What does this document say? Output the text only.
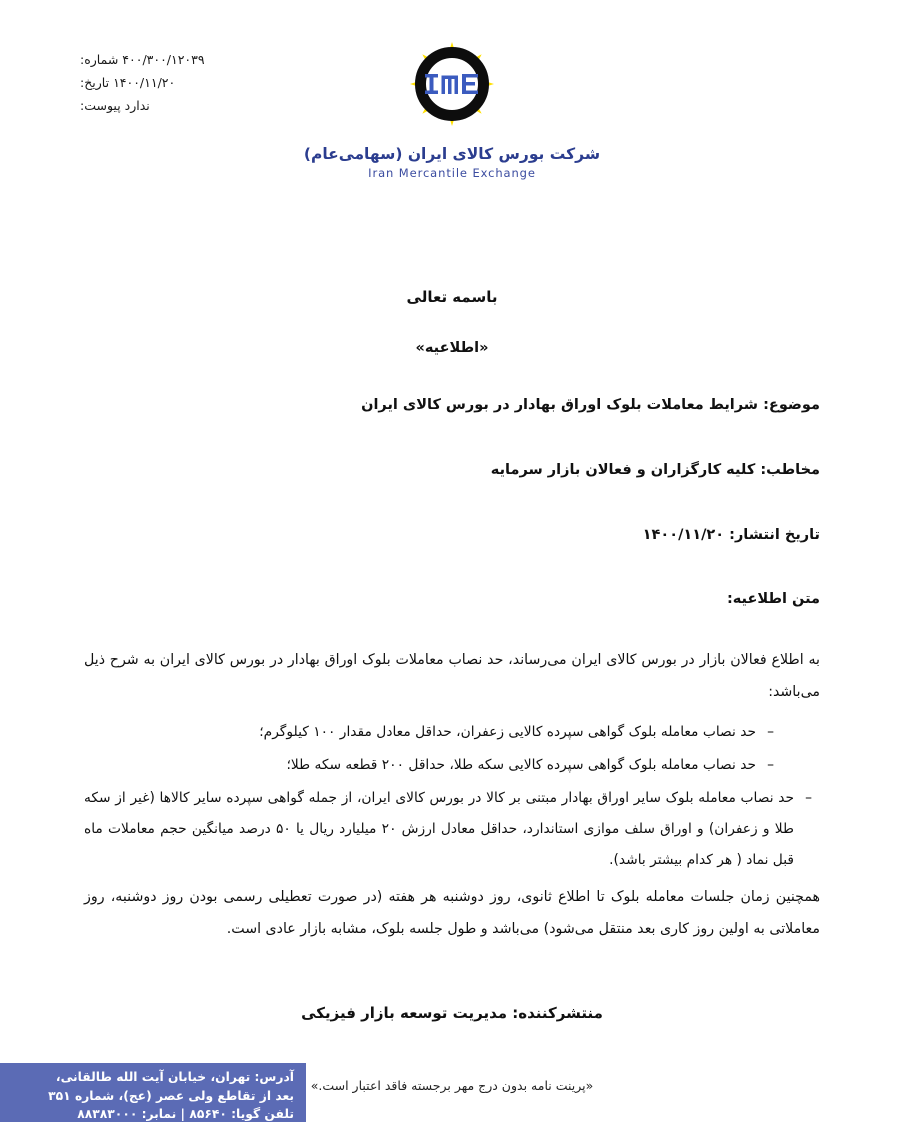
۴۰۰/۳۰۰/۱۲۰۳۹ شماره:
۱۴۰۰/۱۱/۲۰ تاریخ:
ندارد پیوست:
شرکت بورس کالای ایران (سهامی‌عام)
Iran Mercantile Exchange

باسمه تعالی

«اطلاعیه»

موضوع: شرایط معاملات بلوک اوراق بهادار در بورس کالای ایران

مخاطب: کلیه کارگزاران و فعالان بازار سرمایه

تاریخ انتشار: ۱۴۰۰/۱۱/۲۰

متن اطلاعیه:

به اطلاع فعالان بازار در بورس کالای ایران می‌رساند، حد نصاب معاملات بلوک اوراق بهادار در بورس کالای ایران به شرح ذیل می‌باشد:

– حد نصاب معامله بلوک گواهی سپرده کالایی زعفران، حداقل معادل مقدار ۱۰۰ کیلوگرم؛
– حد نصاب معامله بلوک گواهی سپرده کالایی سکه طلا، حداقل ۲۰۰ قطعه سکه طلا؛
– حد نصاب معامله بلوک سایر اوراق بهادار مبتنی بر کالا در بورس کالای ایران، از جمله گواهی سپرده سایر کالاها (غیر از سکه طلا و زعفران) و اوراق سلف موازی استاندارد، حداقل معادل ارزش ۲۰ میلیارد ریال یا ۵۰ درصد میانگین حجم معاملات ماه قبل نماد ( هر کدام بیشتر باشد).

همچنین زمان جلسات معامله بلوک تا اطلاع ثانوی، روز دوشنبه هر هفته (در صورت تعطیلی رسمی بودن روز دوشنبه، روز معاملاتی به اولین روز کاری بعد منتقل می‌شود) می‌باشد و طول جلسه بلوک، مشابه بازار عادی است.

منتشرکننده: مدیریت توسعه بازار فیزیکی

«پرینت نامه بدون درج مهر برجسته فاقد اعتبار است.»
آدرس: تهران، خیابان آیت الله طالقانی،
بعد از تقاطع ولی عصر (عج)، شماره ۳۵۱
تلفن گویا: ۸۵۶۴۰ | نمابر: ۸۸۳۸۳۰۰۰
